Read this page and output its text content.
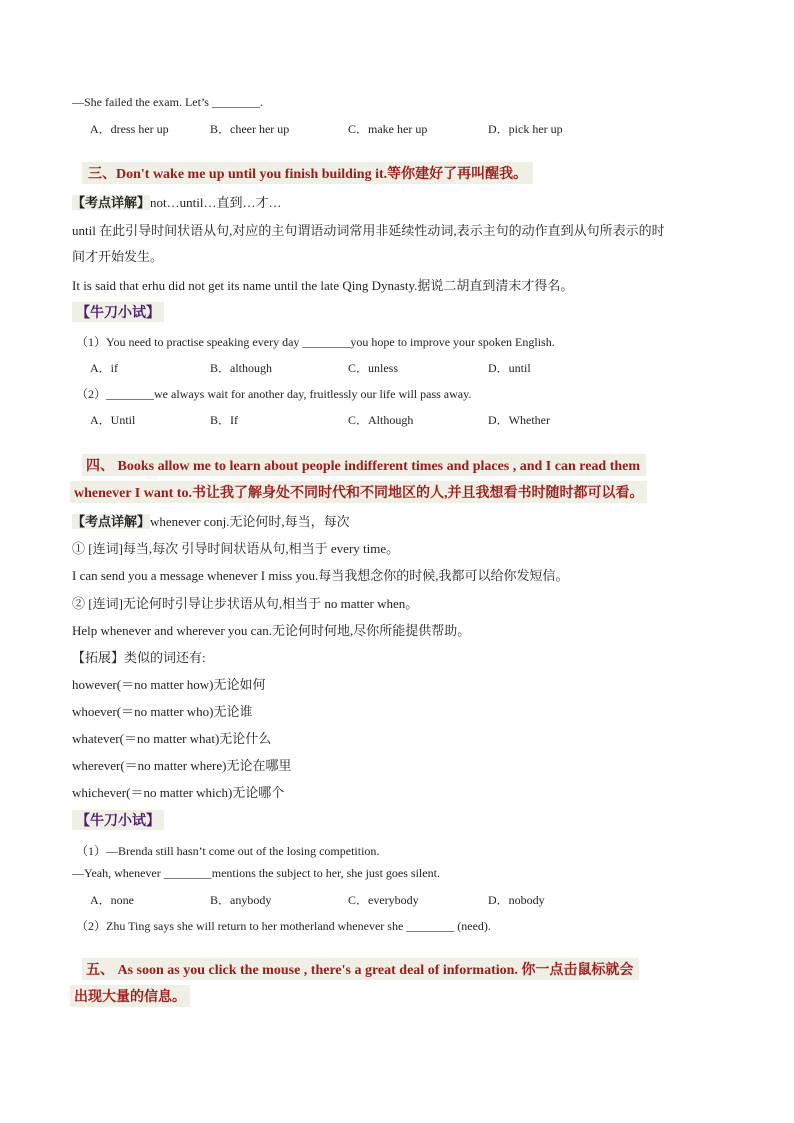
—She failed the exam. Let’s ________.
A．dress her up	B．cheer her up	C．make her up	D．pick her up
三、Don't wake me up until you finish building it.等你建好了再叫醒我。
【考点详解】not…until…直到…才…
until 在此引导时间状语从句,对应的主句谓语动词常用非延续性动词,表示主句的动作直到从句所表示的时
间才开始发生。
It is said that erhu did not get its name until the late Qing Dynasty.据说二胡直到清末才得名。
【牛刀小试】
（1）You need to practise speaking every day ________you hope to improve your spoken English.
A．if	B．although	C．unless	D．until
（2）________we always wait for another day, fruitlessly our life will pass away.
A．Until	B．If	C．Although	D．Whether
四、 Books allow me to learn about people indifferent times and places , and I can read them
whenever I want to.书让我了解身处不同时代和不同地区的人,并且我想看书时随时都可以看。
【考点详解】whenever conj.无论何时,每当，每次
① [连词]每当,每次 引导时间状语从句,相当于 every time。
I can send you a message whenever I miss you.每当我想念你的时候,我都可以给你发短信。
② [连词]无论何时引导让步状语从句,相当于 no matter when。
Help whenever and wherever you can.无论何时何地,尽你所能提供帮助。
【拓展】类似的词还有:
however(＝no matter how)无论如何
whoever(＝no matter who)无论谁
whatever(＝no matter what)无论什么
wherever(＝no matter where)无论在哪里
whichever(＝no matter which)无论哪个
【牛刀小试】
（1）—Brenda still hasn’t come out of the losing competition.
—Yeah, whenever ________mentions the subject to her, she just goes silent.
A．none	B．anybody	C．everybody	D．nobody
（2）Zhu Ting says she will return to her motherland whenever she ________ (need).
五、 As soon as you click the mouse , there's a great deal of information. 你一点击鼠标就会
出现大量的信息。
